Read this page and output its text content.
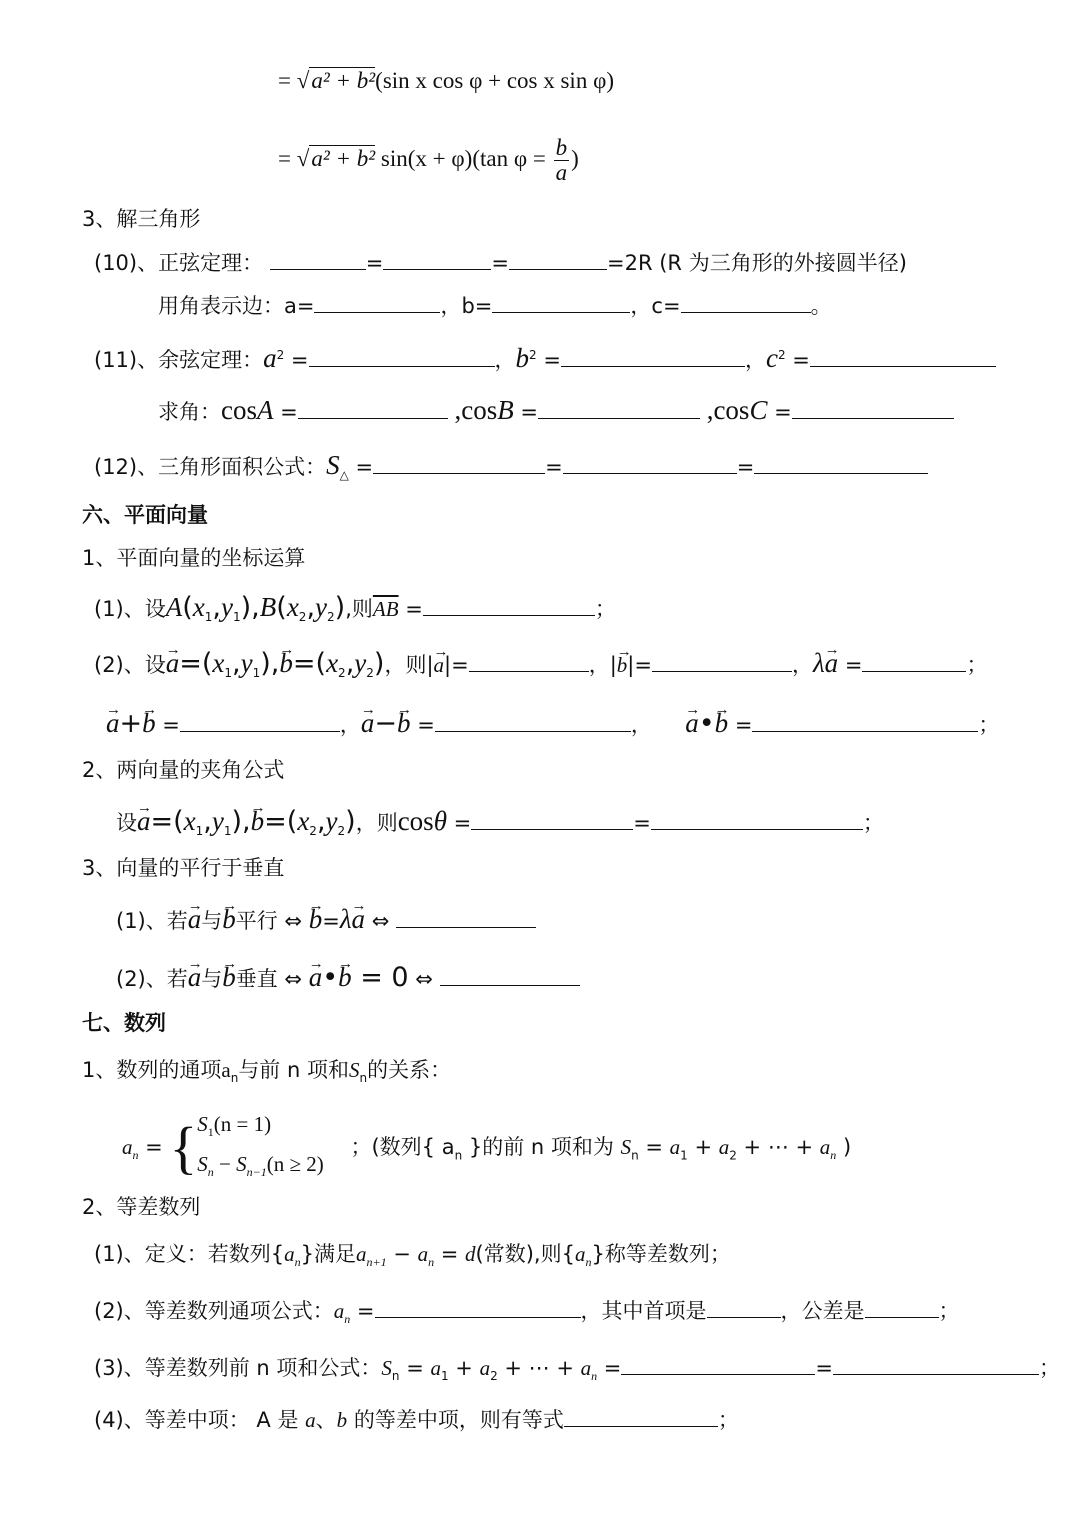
= √a² + b²(sin x cos φ + cos x sin φ)
= √a² + b² sin(x + φ)(tan $\varphi = \frac{b}{a}$ )
3、解三角形
(10)、正弦定理：	=	=	=2R (R 为三角形的外接圆半径)
用角表示边：a=	，b=	，c=	。
(11)、余弦定理：$a^2$ =	，$b^2$ =	，$c^2$ =
求角：cosA =	,cosB =	,cosC =
(12)、三角形面积公式：$S_\triangle$ =	=	=
六、平面向量
1、平面向量的坐标运算
(1)、设$A(x_1,y_1),B(x_2,y_2)$,则$\overline{AB}$ =	；
(2)、设→ $a=(x_1,y_1),\to b=(x_2,y_2)$，则|→ a|=	，|→ b|=	，λ→ a =	；
→ a+→ b =	，→ a−→ b =	，     → a•→ b =	；
2、两向量的夹角公式
设→ $a=(x_1,y_1),\to b=(x_2,y_2)$，则cosθ =	=	；
3、向量的平行于垂直
(1)、若→ a与→ b平行 ⇔ → b=λ→ a ⇔
(2)、若→ a与→ b垂直 ⇔ → a•→ b = 0 ⇔
七、数列
1、数列的通项$a_n$与前 n 项和$S_n$的关系：
$a_n = \{S_1(n = 1)$
$S_n - S_{n-1}(n \ge 2)$    ；(数列{ $a_n$ }的前 n 项和为 $S_n = a_1 + a_2$ + ⋯ + $a_n$ )
2、等差数列
(1)、定义：若数列$\{a_n\}$满足$a_{n+1} - a_n = d$(常数),则$\{a_n\}$称等差数列；
(2)、等差数列通项公式：$a_n$ =	，其中首项是	，公差是	；
(3)、等差数列前 n 项和公式：$S_n = a_1 + a_2$ + ⋯ + $a_n$ =	=	；
(4)、等差中项： A 是 a、b 的等差中项，则有等式	；
